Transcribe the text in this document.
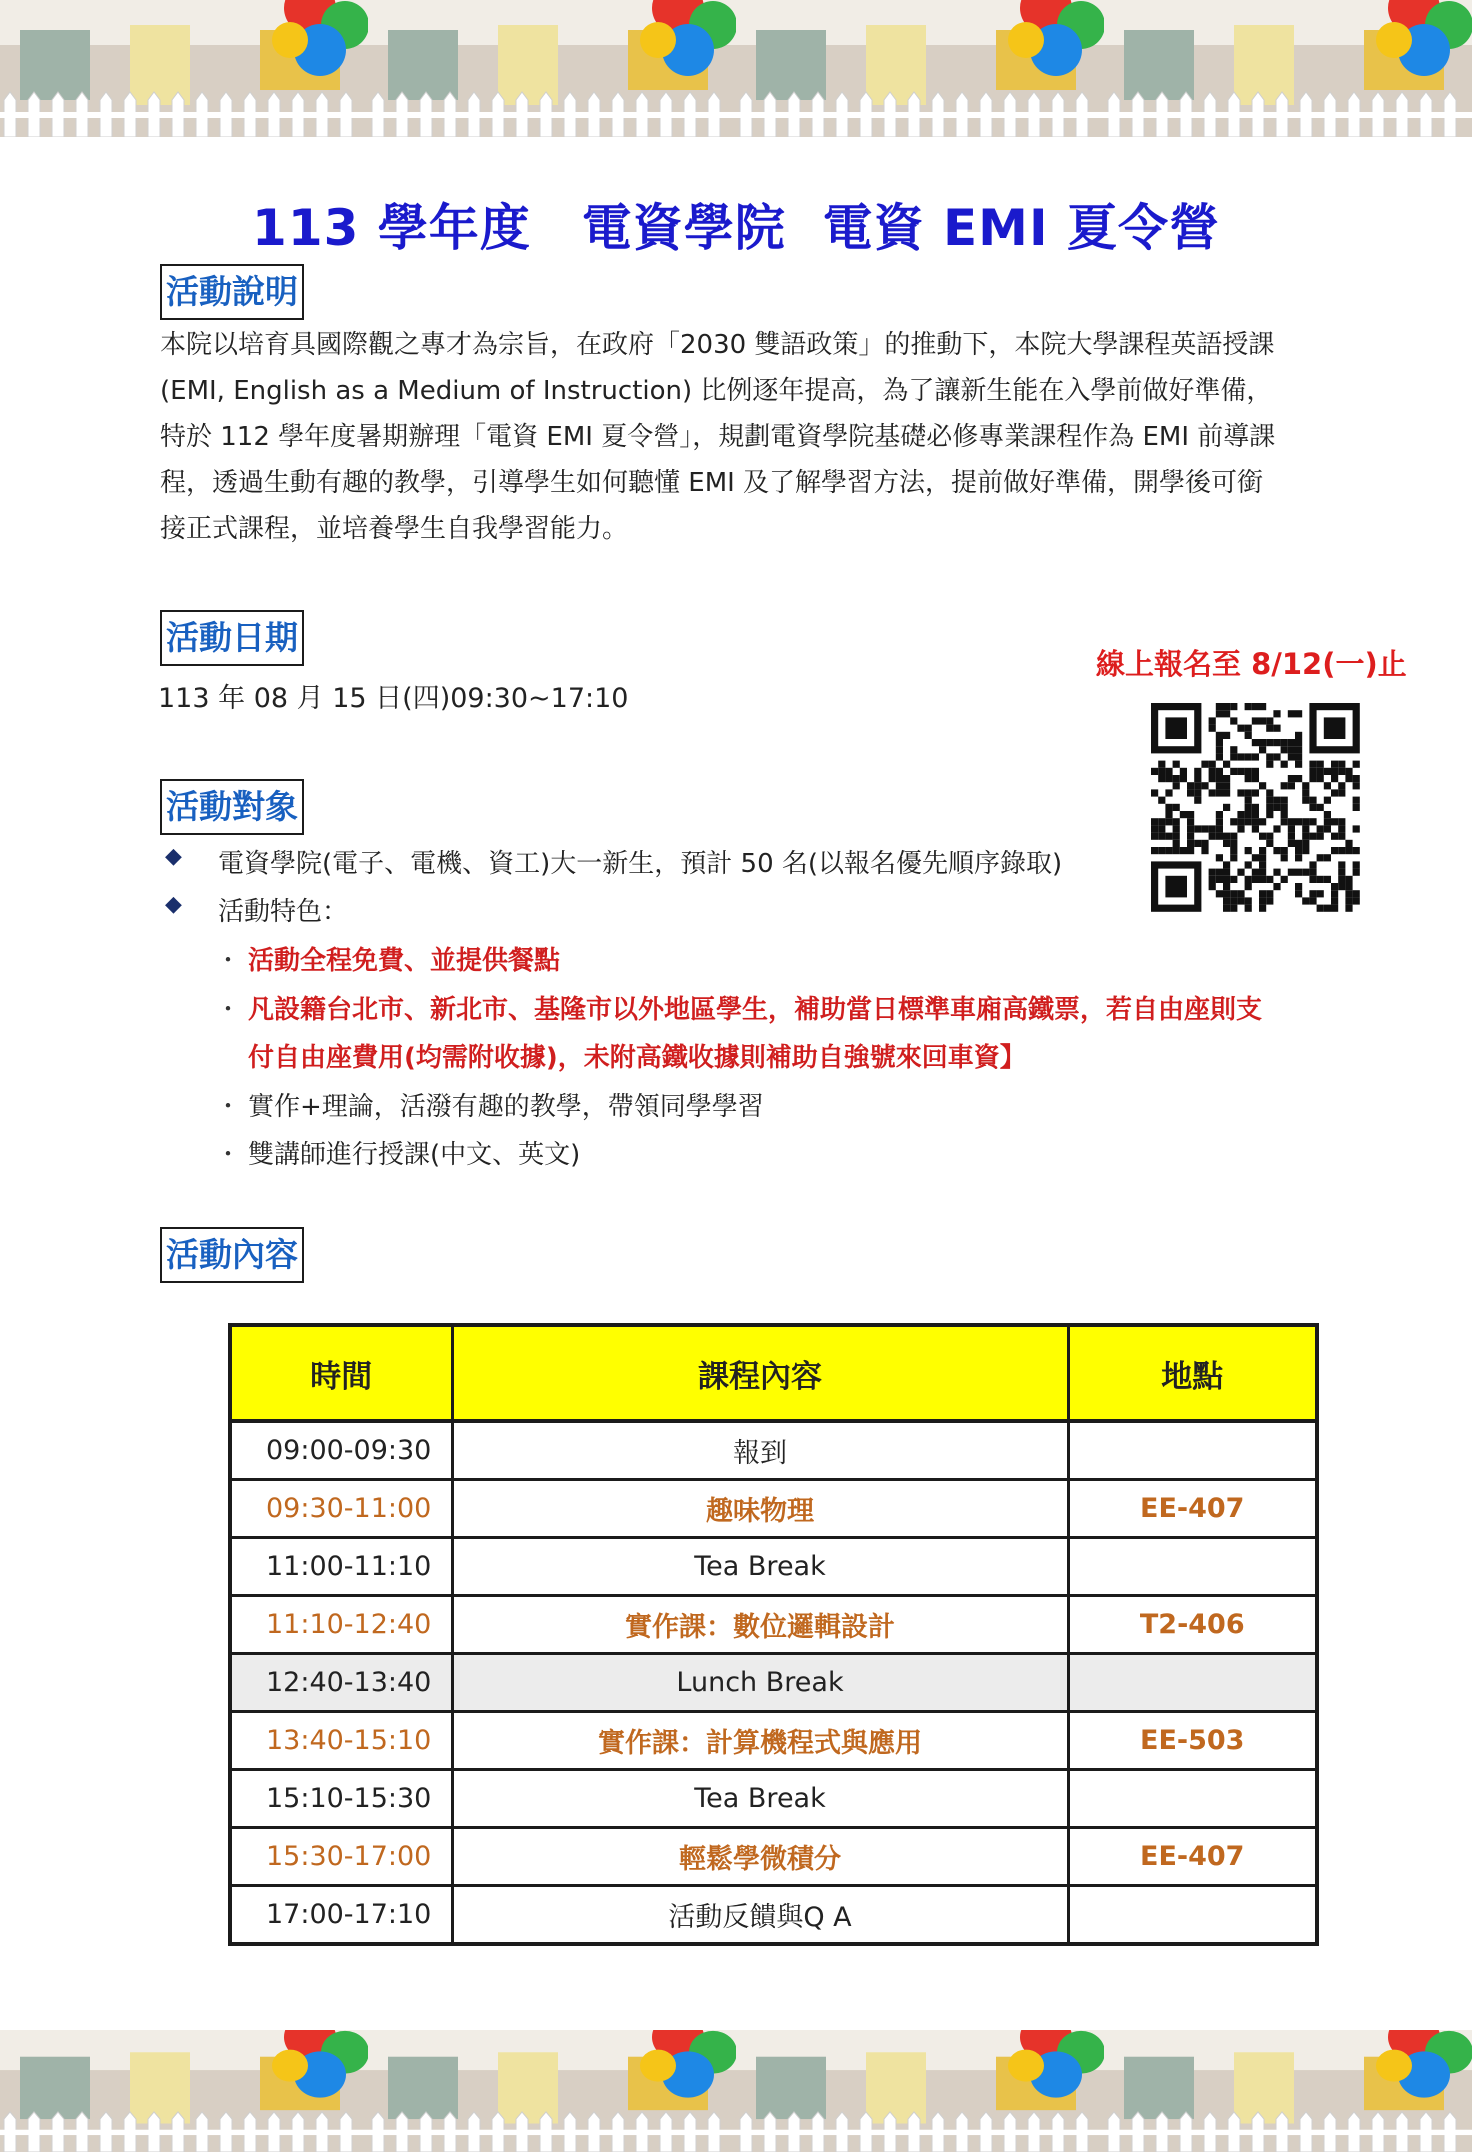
113 學年度　電資學院  電資 EMI 夏令營
活動說明
本院以培育具國際觀之專才為宗旨，在政府「2030 雙語政策」的推動下，本院大學課程英語授課
(EMI, English as a Medium of Instruction) 比例逐年提高，為了讓新生能在入學前做好準備，
特於 112 學年度暑期辦理「電資 EMI 夏令營」，規劃電資學院基礎必修專業課程作為 EMI 前導課
程，透過生動有趣的教學，引導學生如何聽懂 EMI 及了解學習方法，提前做好準備，開學後可銜
接正式課程，並培養學生自我學習能力。
活動日期
113 年 08 月 15 日(四)09:30~17:10
線上報名至 8/12(一)止
活動對象
◆ 電資學院(電子、電機、資工)大一新生，預計 50 名(以報名優先順序錄取)
◆ 活動特色：
・ 活動全程免費、並提供餐點
・ 凡設籍台北市、新北市、基隆市以外地區學生，補助當日標準車廂高鐵票，若自由座則支
付自由座費用(均需附收據)，未附高鐵收據則補助自強號來回車資】
・ 實作+理論，活潑有趣的教學，帶領同學學習
・ 雙講師進行授課(中文、英文)
活動內容
時間	課程內容	地點
09:00-09:30	報到	
09:30-11:00	趣味物理	EE-407
11:00-11:10	Tea Break	
11:10-12:40	實作課：數位邏輯設計	T2-406
12:40-13:40	Lunch Break	
13:40-15:10	實作課：計算機程式與應用	EE-503
15:10-15:30	Tea Break	
15:30-17:00	輕鬆學微積分	EE-407
17:00-17:10	活動反饋與Q A	
